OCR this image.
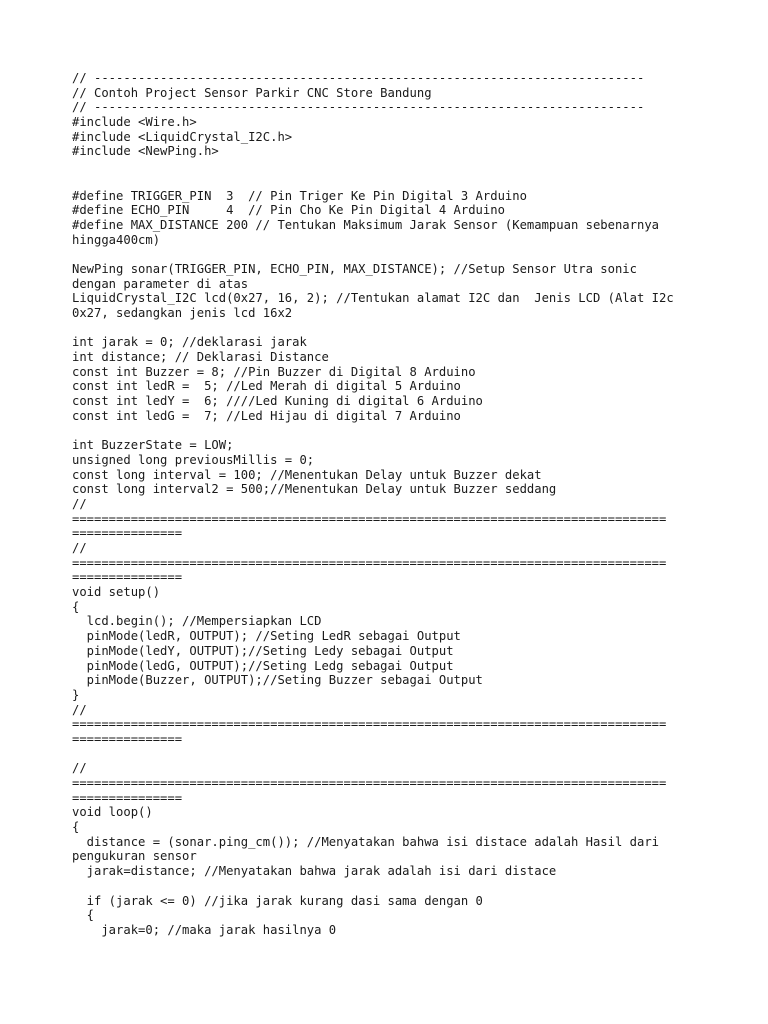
// ---------------------------------------------------------------------------
// Contoh Project Sensor Parkir CNC Store Bandung
// ---------------------------------------------------------------------------
#include <Wire.h>
#include <LiquidCrystal_I2C.h>
#include <NewPing.h>
#define TRIGGER_PIN  3  // Pin Triger Ke Pin Digital 3 Arduino
#define ECHO_PIN     4  // Pin Cho Ke Pin Digital 4 Arduino
#define MAX_DISTANCE 200 // Tentukan Maksimum Jarak Sensor (Kemampuan sebenarnya
hingga400cm)
NewPing sonar(TRIGGER_PIN, ECHO_PIN, MAX_DISTANCE); //Setup Sensor Utra sonic
dengan parameter di atas
LiquidCrystal_I2C lcd(0x27, 16, 2); //Tentukan alamat I2C dan  Jenis LCD (Alat I2c
0x27, sedangkan jenis lcd 16x2
int jarak = 0; //deklarasi jarak
int distance; // Deklarasi Distance
const int Buzzer = 8; //Pin Buzzer di Digital 8 Arduino
const int ledR =  5; //Led Merah di digital 5 Arduino
const int ledY =  6; ////Led Kuning di digital 6 Arduino
const int ledG =  7; //Led Hijau di digital 7 Arduino
int BuzzerState = LOW;
unsigned long previousMillis = 0;
const long interval = 100; //Menentukan Delay untuk Buzzer dekat
const long interval2 = 500;//Menentukan Delay untuk Buzzer seddang
//
=================================================================================
===============
//
=================================================================================
===============
void setup()
{
lcd.begin(); //Mempersiapkan LCD
pinMode(ledR, OUTPUT); //Seting LedR sebagai Output
pinMode(ledY, OUTPUT);//Seting Ledy sebagai Output
pinMode(ledG, OUTPUT);//Seting Ledg sebagai Output
pinMode(Buzzer, OUTPUT);//Seting Buzzer sebagai Output
}
//
=================================================================================
===============
//
=================================================================================
===============
void loop()
{
distance = (sonar.ping_cm()); //Menyatakan bahwa isi distace adalah Hasil dari
pengukuran sensor
jarak=distance; //Menyatakan bahwa jarak adalah isi dari distace
if (jarak <= 0) //jika jarak kurang dasi sama dengan 0
{
jarak=0; //maka jarak hasilnya 0
